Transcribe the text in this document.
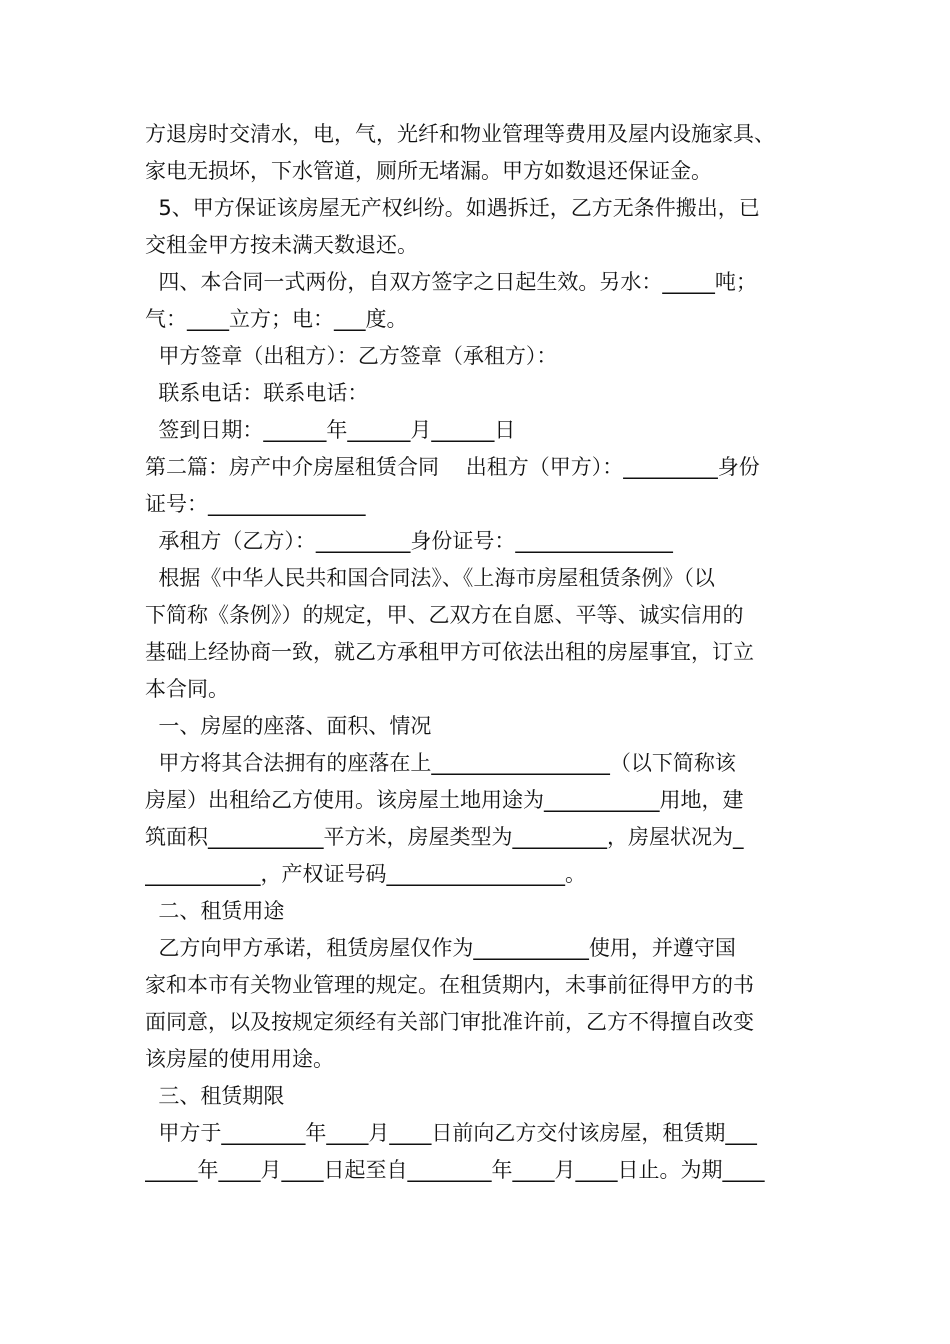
方退房时交清水，电，气，光纤和物业管理等费用及屋内设施家具、
家电无损坏，下水管道，厕所无堵漏。甲方如数退还保证金。
5、甲方保证该房屋无产权纠纷。如遇拆迁，乙方无条件搬出，已
交租金甲方按未满天数退还。
四、本合同一式两份，自双方签字之日起生效。另水：_____吨；
气：____立方；电：___度。
甲方签章（出租方）：乙方签章（承租方）：
联系电话：联系电话：
签到日期：______年______月______日
第二篇：房产中介房屋租赁合同    出租方（甲方）：_________身份
证号：_______________
承租方（乙方）：_________身份证号：_______________
根据《中华人民共和国合同法》、《上海市房屋租赁条例》（以
下简称《条例》）的规定，甲、乙双方在自愿、平等、诚实信用的
基础上经协商一致，就乙方承租甲方可依法出租的房屋事宜，订立
本合同。
一、房屋的座落、面积、情况
甲方将其合法拥有的座落在上_________________（以下简称该
房屋）出租给乙方使用。该房屋土地用途为___________用地，建
筑面积___________平方米，房屋类型为_________，房屋状况为_
___________，产权证号码_________________。
二、租赁用途
乙方向甲方承诺，租赁房屋仅作为___________使用，并遵守国
家和本市有关物业管理的规定。在租赁期内，未事前征得甲方的书
面同意，以及按规定须经有关部门审批准许前，乙方不得擅自改变
该房屋的使用用途。
三、租赁期限
甲方于________年____月____日前向乙方交付该房屋，租赁期___
_____年____月____日起至自________年____月____日止。为期____
